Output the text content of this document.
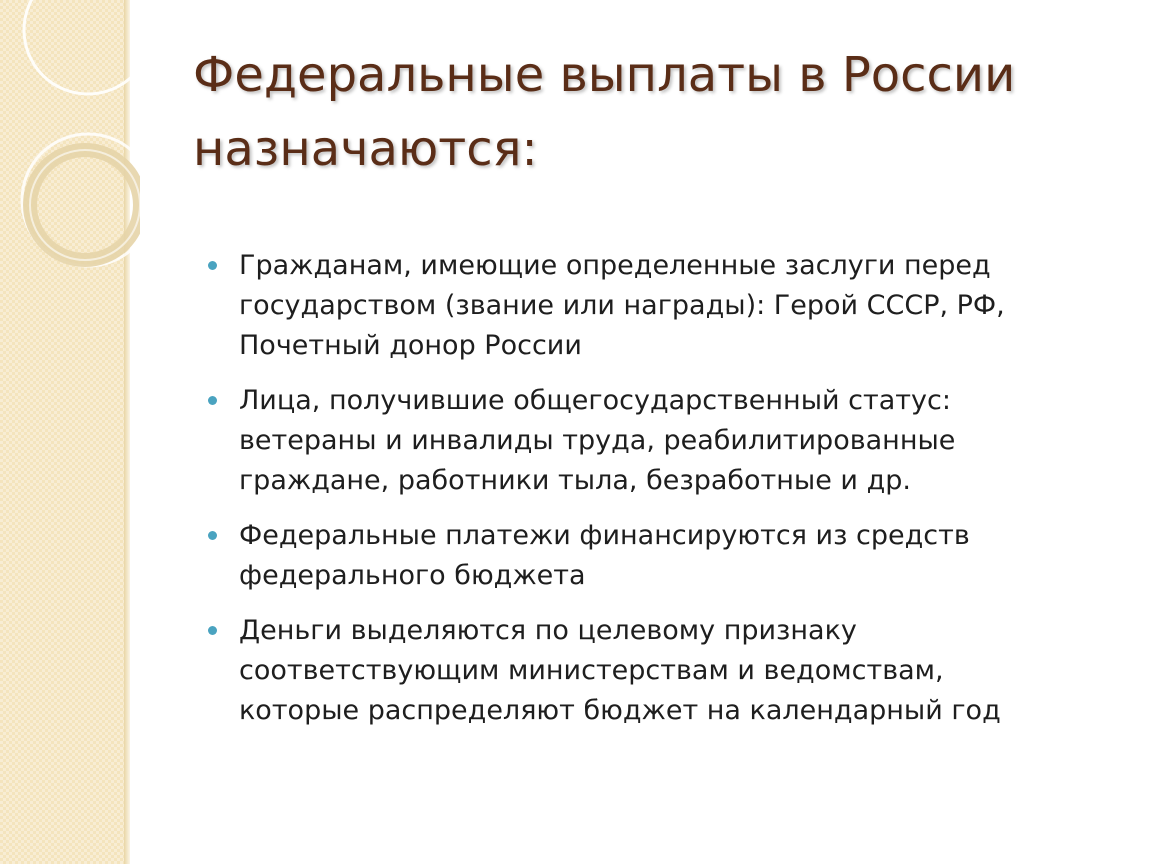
Федеральные выплаты в России назначаются:
Гражданам, имеющие определенные заслуги перед государством (звание или награды): Герой СССР, РФ, Почетный донор России
Лица, получившие общегосударственный статус: ветераны и инвалиды труда, реабилитированные граждане, работники тыла, безработные и др.
Федеральные платежи финансируются из средств федерального бюджета
Деньги выделяются по целевому признаку соответствующим министерствам и ведомствам, которые распределяют бюджет на календарный год
